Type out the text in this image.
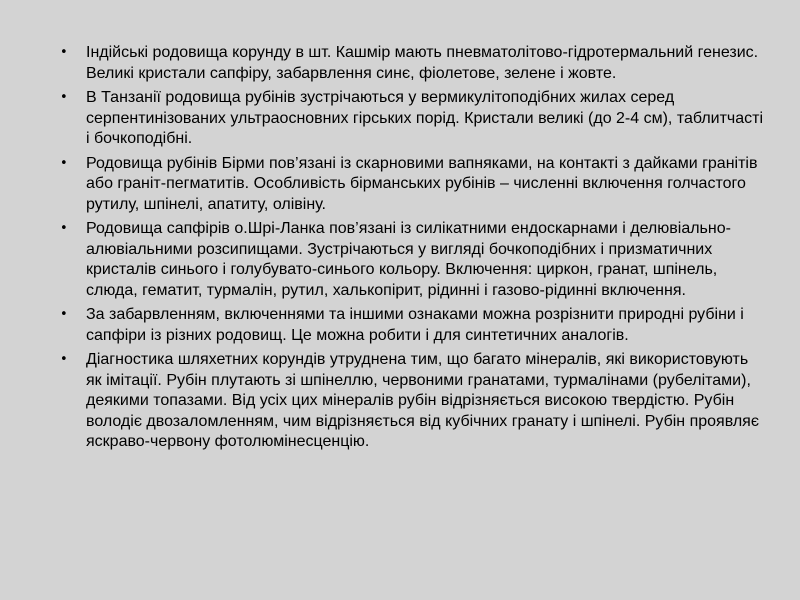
• Індійські родовища корунду в шт. Кашмір мають пневматолітово-гідротермальний генезис. Великі кристали сапфіру, забарвлення синє, фіолетове, зелене і жовте.
• В Танзанії родовища рубінів зустрічаються у вермикулітоподібних жилах серед серпентинізованих ультраосновних гірських порід. Кристали великі (до 2-4 см), таблитчасті і бочкоподібні.
• Родовища рубінів Бірми пов’язані із скарновими вапняками, на контакті з дайками гранітів або граніт-пегматитів. Особливість бірманських рубінів – численні включення голчастого рутилу, шпінелі, апатиту, олівіну.
• Родовища сапфірів о.Шрі-Ланка пов’язані із силікатними ендоскарнами і делювіально-алювіальними розсипищами. Зустрічаються у вигляді бочкоподібних і призматичних кристалів синього і голубувато-синього кольору. Включення: циркон, гранат, шпінель, слюда, гематит, турмалін, рутил, халькопірит, рідинні і газово-рідинні включення.
• За забарвленням, включеннями та іншими ознаками можна розрізнити природні рубіни і сапфіри із різних родовищ. Це можна робити і для синтетичних аналогів.
• Діагностика шляхетних корундів утруднена тим, що багато мінералів, які використовують як імітації. Рубін плутають зі шпінеллю, червоними гранатами, турмалінами (рубелітами), деякими топазами. Від усіх цих мінералів рубін відрізняється високою твердістю. Рубін володіє двозаломленням, чим відрізняється від кубічних гранату і шпінелі. Рубін проявляє яскраво-червону фотолюмінесценцію.
